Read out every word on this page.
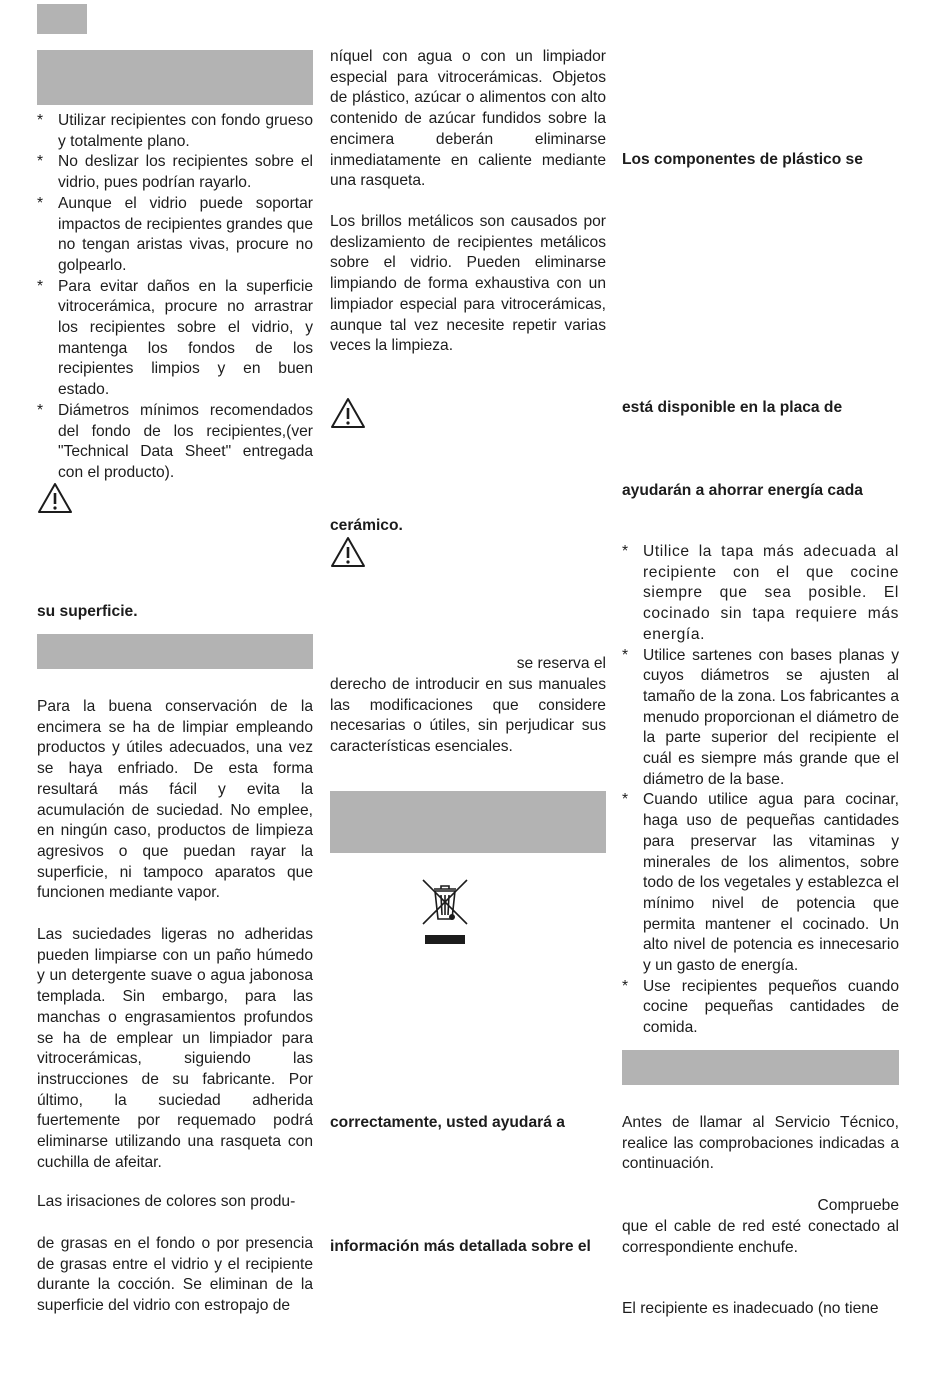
* Utilizar recipientes con fondo grueso y totalmente plano.
* No deslizar los recipientes sobre el vidrio, pues podrían rayarlo.
* Aunque el vidrio puede soportar impactos de recipientes grandes que no tengan aristas vivas, procure no golpearlo.
* Para evitar daños en la superficie vitrocerámica, procure no arrastrar los recipientes sobre el vidrio, y mantenga los fondos de los recipientes limpios y en buen estado.
* Diámetros mínimos recomendados del fondo de los recipientes,(ver "Technical Data Sheet" entregada con el producto).

su superficie.

Para la buena conservación de la encimera se ha de limpiar empleando productos y útiles adecuados, una vez se haya enfriado. De esta forma resultará más fácil y evita la acumulación de suciedad. No emplee, en ningún caso, productos de limpieza agresivos o que puedan rayar la superficie, ni tampoco aparatos que funcionen mediante vapor.

Las suciedades ligeras no adheridas pueden limpiarse con un paño húmedo y un detergente suave o agua jabonosa templada. Sin embargo, para las manchas o engrasamientos profundos se ha de emplear un limpiador para vitrocerámicas, siguiendo las instrucciones de su fabricante. Por último, la suciedad adherida fuertemente por requemado podrá eliminarse utilizando una rasqueta con cuchilla de afeitar.

Las irisaciones de colores son produ-

de grasas en el fondo o por presencia de grasas entre el vidrio y el recipiente durante la cocción. Se eliminan de la superficie del vidrio con estropajo de

níquel con agua o con un limpiador especial para vitrocerámicas. Objetos de plástico, azúcar o alimentos con alto contenido de azúcar fundidos sobre la encimera deberán eliminarse inmediatamente en caliente mediante una rasqueta.

Los brillos metálicos son causados por deslizamiento de recipientes metálicos sobre el vidrio. Pueden eliminarse limpiando de forma exhaustiva con un limpiador especial para vitrocerámicas, aunque tal vez necesite repetir varias veces la limpieza.

cerámico.

se reserva el

derecho de introducir en sus manuales las modificaciones que considere necesarias o útiles, sin perjudicar sus características esenciales.

correctamente, usted ayudará a

información más detallada sobre el

Los componentes de plástico se

está disponible en la placa de

ayudarán a ahorrar energía cada

* Utilice la tapa más adecuada al recipiente con el que cocine siempre que sea posible. El cocinado sin tapa requiere más energía.
* Utilice sartenes con bases planas y cuyos diámetros se ajusten al tamaño de la zona. Los fabricantes a menudo proporcionan el diámetro de la parte superior del recipiente el cuál es siempre más grande que el diámetro de la base.
* Cuando utilice agua para cocinar, haga uso de pequeñas cantidades para preservar las vitaminas y minerales de los alimentos, sobre todo de los vegetales y establezca el mínimo nivel de potencia que permita mantener el cocinado. Un alto nivel de potencia es innecesario y un gasto de energía.
* Use recipientes pequeños cuando cocine pequeñas cantidades de comida.

Antes de llamar al Servicio Técnico, realice las comprobaciones indicadas a continuación.

Compruebe

que el cable de red esté conectado al correspondiente enchufe.

El recipiente es inadecuado (no tiene
